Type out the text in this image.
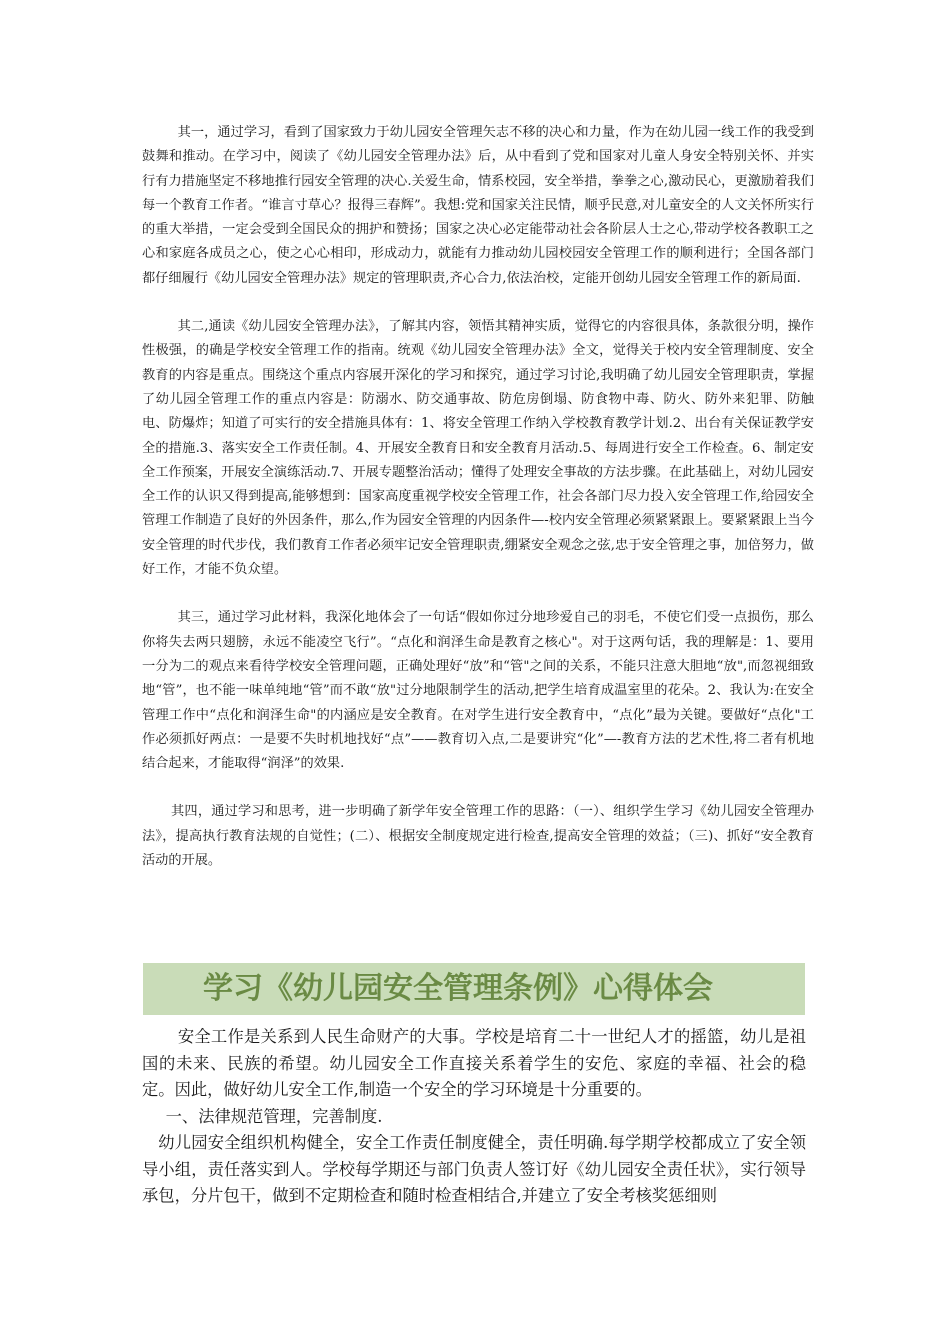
其一，通过学习，看到了国家致力于幼儿园安全管理矢志不移的决心和力量，作为在幼儿园一线工作的我受到鼓舞和推动。在学习中，阅读了《幼儿园安全管理办法》后，从中看到了党和国家对儿童人身安全特别关怀、并实行有力措施坚定不移地推行园安全管理的决心.关爱生命，情系校园，安全举措，拳拳之心,激动民心，更激励着我们每一个教育工作者。“谁言寸草心？报得三春辉”。我想:党和国家关注民情，顺乎民意,对儿童安全的人文关怀所实行的重大举措，一定会受到全国民众的拥护和赞扬；国家之决心必定能带动社会各阶层人士之心,带动学校各教职工之心和家庭各成员之心，使之心心相印，形成动力，就能有力推动幼儿园校园安全管理工作的顺利进行；全国各部门都仔细履行《幼儿园安全管理办法》规定的管理职责,齐心合力,依法治校，定能开创幼儿园安全管理工作的新局面.

其二,通读《幼儿园安全管理办法》，了解其内容，领悟其精神实质，觉得它的内容很具体，条款很分明，操作性极强，的确是学校安全管理工作的指南。统观《幼儿园安全管理办法》全文，觉得关于校内安全管理制度、安全教育的内容是重点。围绕这个重点内容展开深化的学习和探究，通过学习讨论,我明确了幼儿园安全管理职责，掌握了幼儿园全管理工作的重点内容是：防溺水、防交通事故、防危房倒塌、防食物中毒、防火、防外来犯罪、防触电、防爆炸；知道了可实行的安全措施具体有：1、将安全管理工作纳入学校教育教学计划.2、出台有关保证教学安全的措施.3、落实安全工作责任制。4、开展安全教育日和安全教育月活动.5、每周进行安全工作检查。6、制定安全工作预案，开展安全演练活动.7、开展专题整治活动；懂得了处理安全事故的方法步骤。在此基础上，对幼儿园安全工作的认识又得到提高,能够想到：国家高度重视学校安全管理工作，社会各部门尽力投入安全管理工作,给园安全管理工作制造了良好的外因条件，那么,作为园安全管理的内因条件—-校内安全管理必须紧紧跟上。要紧紧跟上当今安全管理的时代步伐，我们教育工作者必须牢记安全管理职责,绷紧安全观念之弦,忠于安全管理之事，加倍努力，做好工作，才能不负众望。

其三，通过学习此材料，我深化地体会了一句话“假如你过分地珍爱自己的羽毛，不使它们受一点损伤，那么你将失去两只翅膀，永远不能凌空飞行”。“点化和润泽生命是教育之核心"。对于这两句话，我的理解是：1、要用一分为二的观点来看待学校安全管理问题，正确处理好“放”和“管"之间的关系，不能只注意大胆地“放",而忽视细致地“管”，也不能一味单纯地“管”而不敢“放"过分地限制学生的活动,把学生培育成温室里的花朵。2、我认为:在安全管理工作中“点化和润泽生命"的内涵应是安全教育。在对学生进行安全教育中，“点化”最为关键。要做好“点化"工作必须抓好两点：一是要不失时机地找好“点”——教育切入点,二是要讲究“化”—-教育方法的艺术性,将二者有机地结合起来，才能取得“润泽”的效果.

其四，通过学习和思考，进一步明确了新学年安全管理工作的思路：（一）、组织学生学习《幼儿园安全管理办法》，提高执行教育法规的自觉性；(二）、根据安全制度规定进行检查,提高安全管理的效益；（三)、抓好“安全教育活动的开展。

学习《幼儿园安全管理条例》心得体会

安全工作是关系到人民生命财产的大事。学校是培育二十一世纪人才的摇篮，幼儿是祖国的未来、民族的希望。幼儿园安全工作直接关系着学生的安危、家庭的幸福、社会的稳定。因此，做好幼儿安全工作,制造一个安全的学习环境是十分重要的。

一、法律规范管理，完善制度.

幼儿园安全组织机构健全，安全工作责任制度健全，责任明确.每学期学校都成立了安全领导小组，责任落实到人。学校每学期还与部门负责人签订好《幼儿园安全责任状》，实行领导承包，分片包干，做到不定期检查和随时检查相结合,并建立了安全考核奖惩细则
